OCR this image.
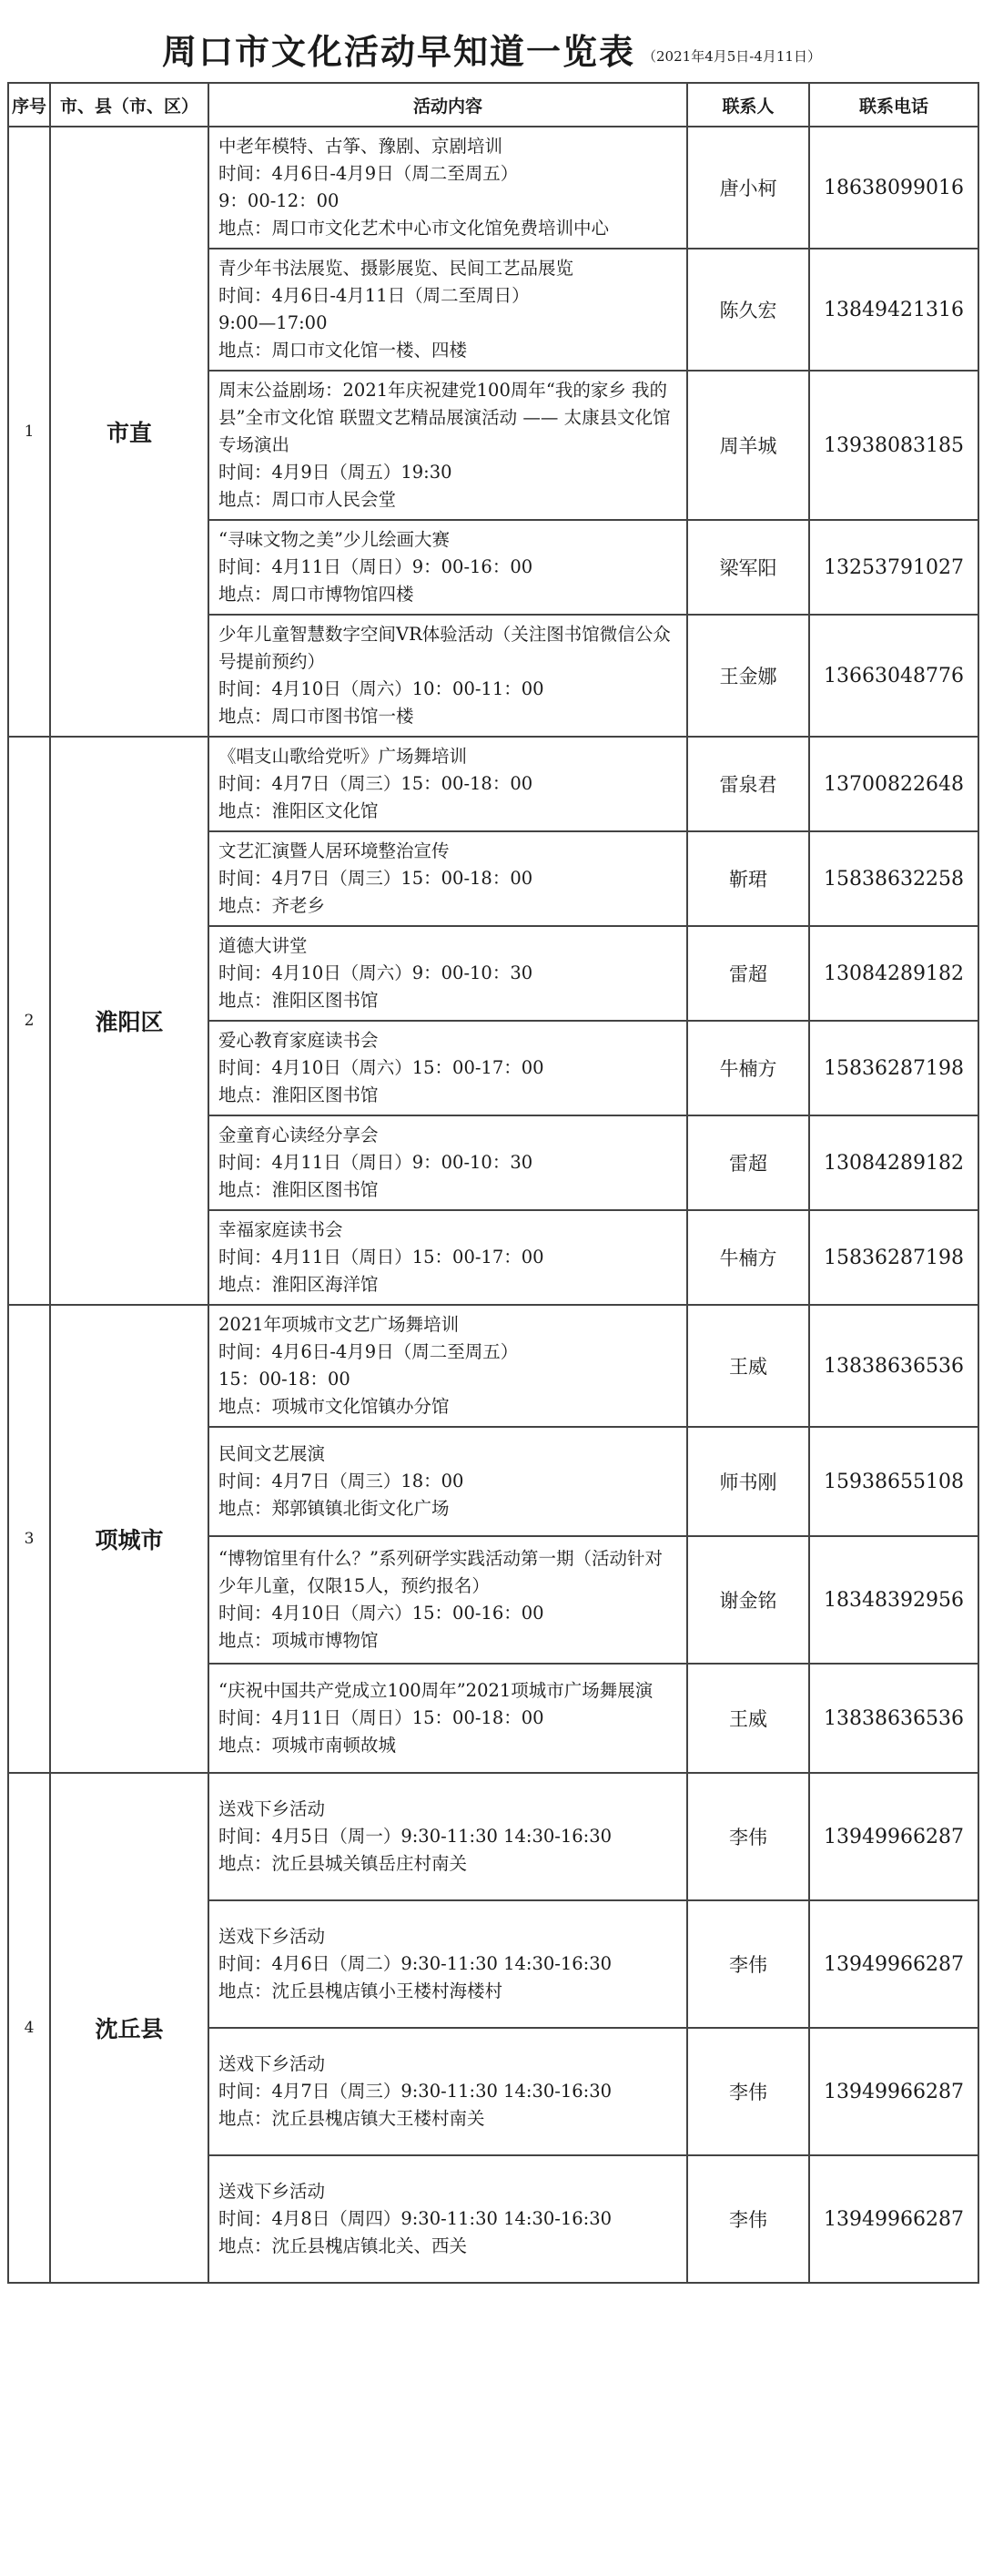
周口市文化活动早知道一览表 （2021年4月5日-4月11日）
序号	市、县（市、区）	活动内容	联系人	联系电话
1	市直	中老年模特、古筝、豫剧、京剧培训
时间：4月6日-4月9日（周二至周五）
9：00-12：00
地点：周口市文化艺术中心市文化馆免费培训中心	唐小柯	18638099016

		青少年书法展览、摄影展览、民间工艺品展览
时间：4月6日-4月11日（周二至周日）
9:00—17:00
地点：周口市文化馆一楼、四楼	陈久宏	13849421316

		周末公益剧场：2021年庆祝建党100周年“我的家乡 我的县”全市文化馆 联盟文艺精品展演活动 —— 太康县文化馆专场演出
时间：4月9日（周五）19:30
地点：周口市人民会堂	周羊城	13938083185

		“寻味文物之美”少儿绘画大赛
时间：4月11日（周日）9：00-16：00
地点：周口市博物馆四楼	梁军阳	13253791027

		少年儿童智慧数字空间VR体验活动（关注图书馆微信公众号提前预约）
时间：4月10日（周六）10：00-11：00
地点：周口市图书馆一楼	王金娜	13663048776
2	淮阳区	《唱支山歌给党听》广场舞培训
时间：4月7日（周三）15：00-18：00
地点：淮阳区文化馆	雷泉君	13700822648

		文艺汇演暨人居环境整治宣传
时间：4月7日（周三）15：00-18：00
地点：齐老乡	靳珺	15838632258

		道德大讲堂
时间：4月10日（周六）9：00-10：30
地点：淮阳区图书馆	雷超	13084289182

		爱心教育家庭读书会
时间：4月10日（周六）15：00-17：00
地点：淮阳区图书馆	牛楠方	15836287198

		金童育心读经分享会
时间：4月11日（周日）9：00-10：30
地点：淮阳区图书馆	雷超	13084289182

		幸福家庭读书会
时间：4月11日（周日）15：00-17：00
地点：淮阳区海洋馆	牛楠方	15836287198
3	项城市	2021年项城市文艺广场舞培训
时间：4月6日-4月9日（周二至周五）
15：00-18：00
地点：项城市文化馆镇办分馆	王威	13838636536

		民间文艺展演
时间：4月7日（周三）18：00
地点：郑郭镇镇北街文化广场	师书刚	15938655108

		“博物馆里有什么？”系列研学实践活动第一期（活动针对少年儿童，仅限15人，预约报名）
时间：4月10日（周六）15：00-16：00
地点：项城市博物馆	谢金铭	18348392956

		“庆祝中国共产党成立100周年”2021项城市广场舞展演
时间：4月11日（周日）15：00-18：00
地点：项城市南顿故城	王威	13838636536
4	沈丘县	送戏下乡活动
时间：4月5日（周一）9:30-11:30 14:30-16:30
地点：沈丘县城关镇岳庄村南关	李伟	13949966287

		送戏下乡活动
时间：4月6日（周二）9:30-11:30 14:30-16:30
地点：沈丘县槐店镇小王楼村海楼村	李伟	13949966287

		送戏下乡活动
时间：4月7日（周三）9:30-11:30 14:30-16:30
地点：沈丘县槐店镇大王楼村南关	李伟	13949966287

		送戏下乡活动
时间：4月8日（周四）9:30-11:30 14:30-16:30
地点：沈丘县槐店镇北关、西关	李伟	13949966287
